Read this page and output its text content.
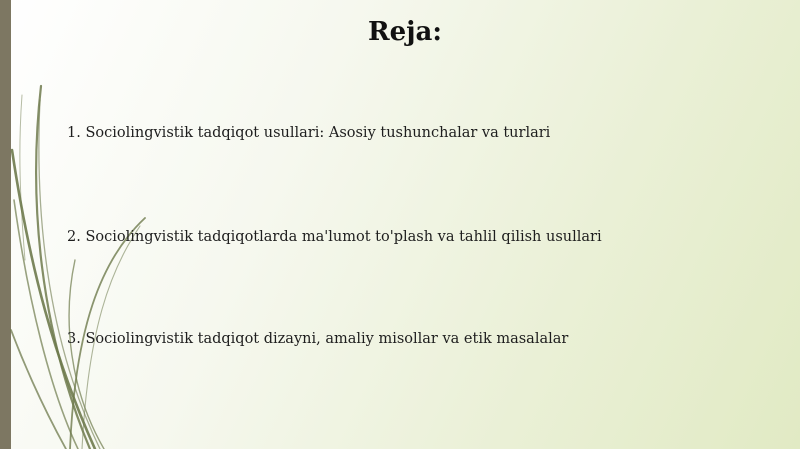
Reja:

1. Sociolingvistik tadqiqot usullari: Asosiy tushunchalar va turlari

2. Sociolingvistik tadqiqotlarda ma'lumot to'plash va tahlil qilish usullari

3. Sociolingvistik tadqiqot dizayni, amaliy misollar va etik masalalar
